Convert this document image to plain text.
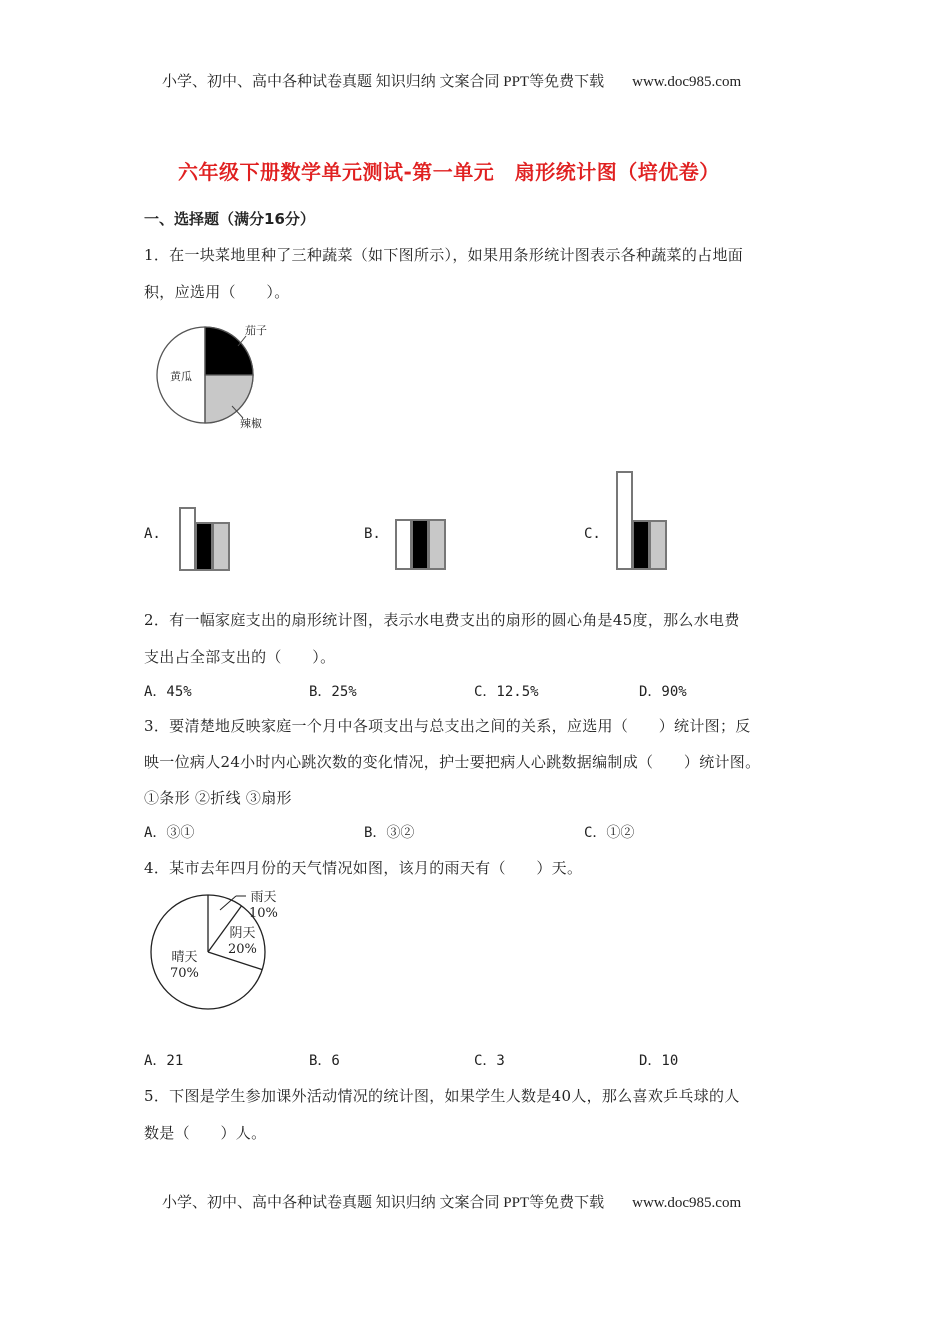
小学、初中、高中各种试卷真题 知识归纳 文案合同 PPT等免费下载 www.doc985.com
六年级下册数学单元测试-第一单元　扇形统计图（培优卷）
一、选择题（满分16分）
1．在一块菜地里种了三种蔬菜（如下图所示），如果用条形统计图表示各种蔬菜的占地面
积，应选用（　　）。
茄子
黄瓜
辣椒
A.	B.	C.
2．有一幅家庭支出的扇形统计图，表示水电费支出的扇形的圆心角是45度，那么水电费
支出占全部支出的（　　）。
A．45%	B．25%	C．12.5%	D．90%
3．要清楚地反映家庭一个月中各项支出与总支出之间的关系，应选用（　　）统计图；反
映一位病人24小时内心跳次数的变化情况，护士要把病人心跳数据编制成（　　）统计图。
①条形 ②折线 ③扇形
A．③①	B．③②	C．①②
4．某市去年四月份的天气情况如图，该月的雨天有（　　）天。
雨天
10%
阴天
20%
晴天
70%
A．21	B．6	C．3	D．10
5．下图是学生参加课外活动情况的统计图，如果学生人数是40人，那么喜欢乒乓球的人
数是（　　）人。
小学、初中、高中各种试卷真题 知识归纳 文案合同 PPT等免费下载 www.doc985.com
